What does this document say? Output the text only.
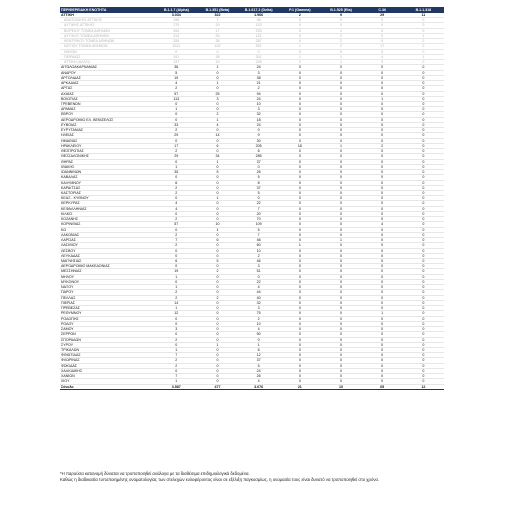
ΠΕΡΙΦΕΡΕΙΑΚΗ ΕΝΟΤΗΤΑ	B.1.1.7 (Alpha)	B.1.351 (Beta)	B.1.617.2 (Delta)	P.1 (Gamma)	B.1.525 (Eta)	C.36	B.1.1.318
ΑΤΤΙΚΗ	3.034	322	1.966	2	9	29	11
ΑΝΑΤΟΛΙΚΗΣ ΑΤΤΙΚΗΣ	156	7	96	0	0	0	0
ΔΥΤΙΚΗΣ ΑΤΤΙΚΗΣ	170	29	153	0	0	0	0
ΒΟΡΕΙΟΥ ΤΟΜΕΑ ΑΘΗΝΩΝ	264	17	253	0	1	0	0
ΔΥΤΙΚΟΥ ΤΟΜΕΑ ΑΘΗΝΩΝ	313	25	121	0	2	0	1
ΚΕΝΤΡΙΚΟΥ ΤΟΜΕΑ ΑΘΗΝΩΝ	326	38	287	0	2	5	2
ΝΟΤΙΟΥ ΤΟΜΕΑ ΑΘΗΝΩΝ	1021	152	551	1	2	17	0
ΝΗΣΩΝ	0	0	0	0	0	0	0
ΠΕΙΡΑΙΩΣ	611	38	301	1	1	4	1
ΑΤΤΙΚΗ (ΑΛΛΟ)	137	19	209	0	1	3	0
ΑΙΤΩΛΟΑΚΑΡΝΑΝΙΑΣ	36	1	24	0	0	0	0
ΑΝΔΡΟΥ	5	0	3	0	0	0	0
ΑΡΓΟΛΙΔΑΣ	19	0	38	0	0	0	0
ΑΡΚΑΔΙΑΣ	4	1	21	0	0	0	0
ΑΡΤΑΣ	2	0	2	0	0	0	0
ΑΧΑΪΑΣ	57	25	94	0	0	0	0
ΒΟΙΩΤΙΑΣ	113	3	24	0	0	1	0
ΓΡΕΒΕΝΩΝ	0	0	10	0	0	0	0
ΔΡΑΜΑΣ	1	0	3	0	0	0	0
ΕΒΡΟΥ	0	2	32	0	0	0	0
ΑΕΡΟΔΡΟΜΙΟ ΕΛ. ΒΕΝΙΖΕΛΟΣ	0	1	18	0	0	0	0
ΕΥΒΟΙΑΣ	33	4	24	0	0	0	0
ΕΥΡΥΤΑΝΙΑΣ	2	0	0	0	0	0	0
ΗΛΕΙΑΣ	29	14	9	0	0	0	0
ΗΜΑΘΙΑΣ	0	0	30	0	0	0	0
ΗΡΑΚΛΕΙΟΥ	17	6	205	18	1	2	0
ΘΕΣΠΡΩΤΙΑΣ	2	0	6	0	0	0	0
ΘΕΣΣΑΛΟΝΙΚΗΣ	29	34	285	0	0	0	0
ΘΗΡΑΣ	0	1	37	0	0	0	0
ΙΘΑΚΗΣ	1	0	0	0	0	0	0
ΙΩΑΝΝΙΝΩΝ	35	5	26	0	0	0	0
ΚΑΒΑΛΑΣ	0	0	5	0	0	0	0
ΚΑΛΥΜΝΟΥ	6	0	8	0	0	0	0
ΚΑΡΔΙΤΣΑΣ	2	0	37	0	0	0	0
ΚΑΣΤΟΡΙΑΣ	2	0	5	0	0	0	0
ΚΕΑΣ - ΚΥΘΝΟΥ	0	1	0	0	0	0	0
ΚΕΡΚΥΡΑΣ	4	0	22	0	0	0	0
ΚΕΦΑΛΛΗΝΙΑΣ	4	0	7	0	0	0	0
ΚΙΛΚΙΣ	0	0	20	0	0	0	0
ΚΟΖΑΝΗΣ	2	0	70	0	0	0	0
ΚΟΡΙΝΘΙΑΣ	57	10	109	0	0	4	0
ΚΩ	0	1	5	0	0	0	0
ΛΑΚΩΝΙΑΣ	2	0	7	0	0	0	0
ΛΑΡΙΣΑΣ	7	6	46	0	1	0	0
ΛΑΣΙΘΙΟΥ	2	0	60	1	0	0	0
ΛΕΣΒΟΥ	0	0	10	0	0	0	0
ΛΕΥΚΑΔΑΣ	0	0	2	0	0	0	0
ΜΑΓΝΗΣΙΑΣ	6	5	46	0	0	0	0
ΑΕΡΟΔΡΟΜΙΟ ΜΑΚΕΔΟΝΙΑΣ	0	0	3	0	0	0	0
ΜΕΣΣΗΝΙΑΣ	19	2	51	0	0	0	0
ΜΗΛΟΥ	1	0	0	0	0	0	0
ΜΥΚΟΝΟΥ	0	0	22	0	0	0	0
ΝΑΞΟΥ	1	0	4	0	0	0	0
ΠΑΡΟΥ	2	0	44	0	0	0	0
ΠΕΛΛΑΣ	2	2	40	0	0	0	0
ΠΙΕΡΙΑΣ	14	0	32	0	0	0	0
ΠΡΕΒΕΖΑΣ	1	0	3	0	0	0	0
ΡΕΘΥΜΝΟΥ	12	0	75	0	0	1	0
ΡΟΔΟΠΗΣ	0	0	2	0	0	0	0
ΡΟΔΟΥ	0	0	10	0	0	0	0
ΣΑΜΟΥ	3	0	4	0	0	0	0
ΣΕΡΡΩΝ	0	0	50	0	0	0	0
ΣΠΟΡΑΔΩΝ	2	0	0	0	0	0	0
ΣΥΡΟΥ	0	1	1	0	0	0	0
ΤΡΙΚΑΛΩΝ	1	0	6	0	0	0	0
ΦΘΙΩΤΙΔΑΣ	7	0	12	0	0	0	0
ΦΛΩΡΙΝΑΣ	2	0	37	0	0	0	0
ΦΩΚΙΔΑΣ	2	0	5	0	0	0	0
ΧΑΛΚΙΔΙΚΗΣ	0	0	24	0	0	0	0
ΧΑΝΙΩΝ	7	0	26	0	0	0	0
ΧΙΟΥ	1	0	4	0	0	0	0
Σύνολο	3.587	477	3.676	21	10	65	12
*Η παρούσα κατανομή δύναται να τροποποιηθεί ανάλογα με τα διαθέσιμα επιδημιολογικά δεδομένα.
Καθώς η διαδικασία τυποποιημένης ονοματολογίας των στελεχών ευλοφέροντος είναι σε εξέλιξη παγκοσμίως, η ονομασία τους είναι δυνατό να τροποποιηθεί στο χρόνο.
